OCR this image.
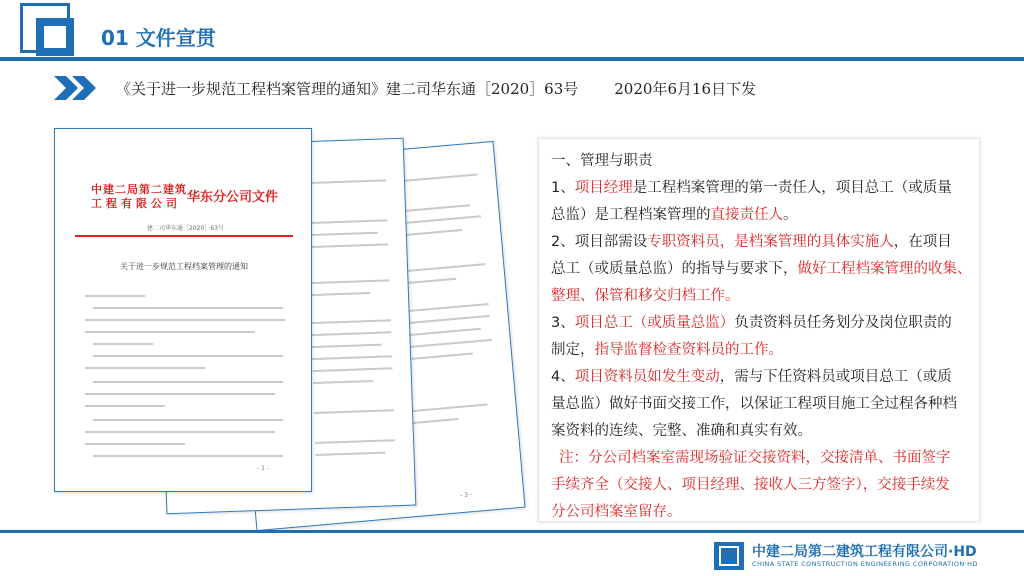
01 文件宣贯
《关于进一步规范工程档案管理的通知》建二司华东通［2020］63号 2020年6月16日下发
- 3 -
中建二局第二建筑
工程有限公司 华东分公司文件
建二司华东通［2020］63号
关于进一步规范工程档案管理的通知
- 1 -
一、管理与职责
1、项目经理是工程档案管理的第一责任人，项目总工（或质量
总监）是工程档案管理的直接责任人。
2、项目部需设专职资料员，是档案管理的具体实施人，在项目
总工（或质量总监）的指导与要求下，做好工程档案管理的收集、
整理、保管和移交归档工作。
3、项目总工（或质量总监）负责资料员任务划分及岗位职责的
制定，指导监督检查资料员的工作。
4、项目资料员如发生变动，需与下任资料员或项目总工（或质
量总监）做好书面交接工作，以保证工程项目施工全过程各种档
案资料的连续、完整、准确和真实有效。
注：分公司档案室需现场验证交接资料，交接清单、书面签字
手续齐全（交接人、项目经理、接收人三方签字），交接手续发
分公司档案室留存。
中建二局第二建筑工程有限公司·HD
CHINA STATE CONSTRUCTION ENGINEERING CORPORATION·HD
